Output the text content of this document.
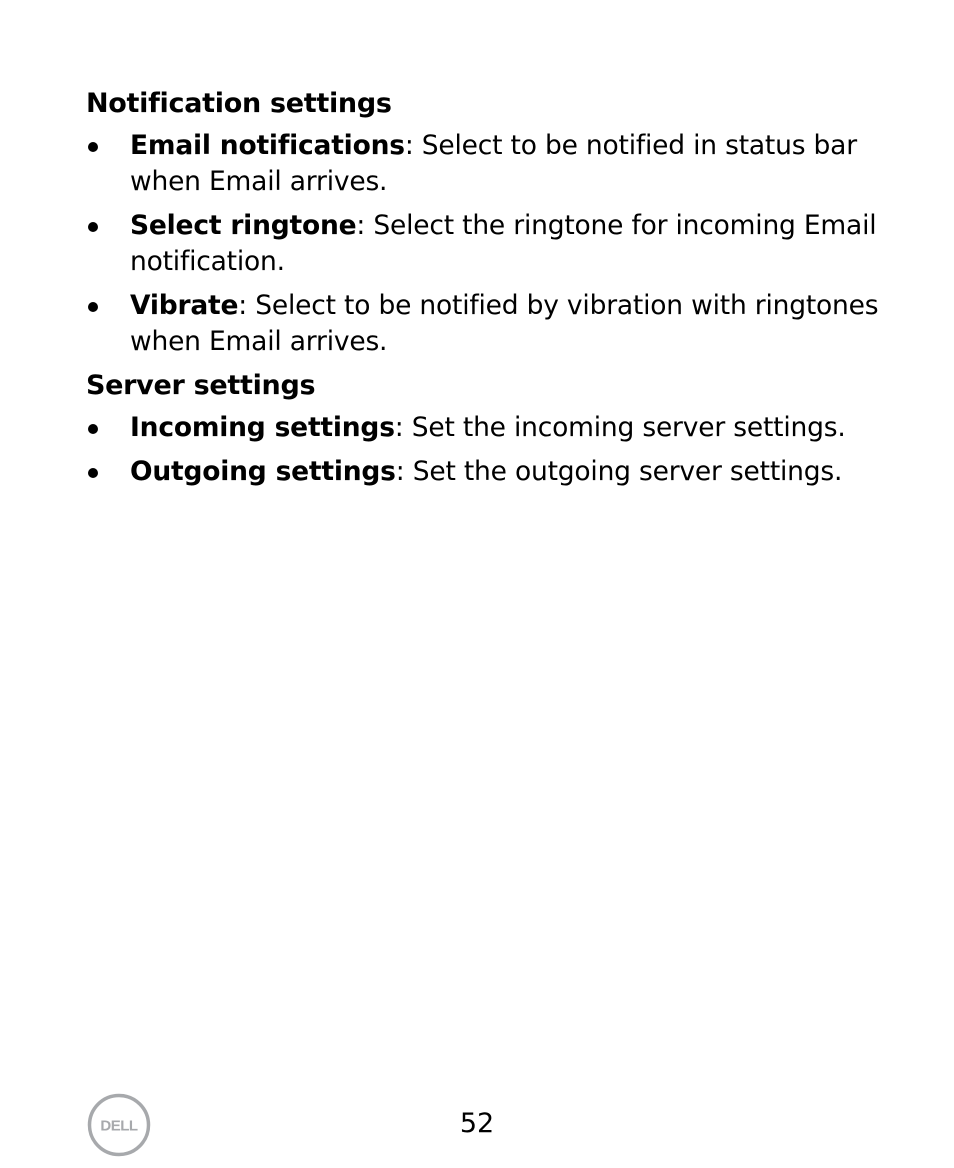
Notification settings
Email notifications: Select to be notified in status bar when Email arrives.
Select ringtone: Select the ringtone for incoming Email notification.
Vibrate: Select to be notified by vibration with ringtones when Email arrives.
Server settings
Incoming settings: Set the incoming server settings.
Outgoing settings: Set the outgoing server settings.
DELL	52
